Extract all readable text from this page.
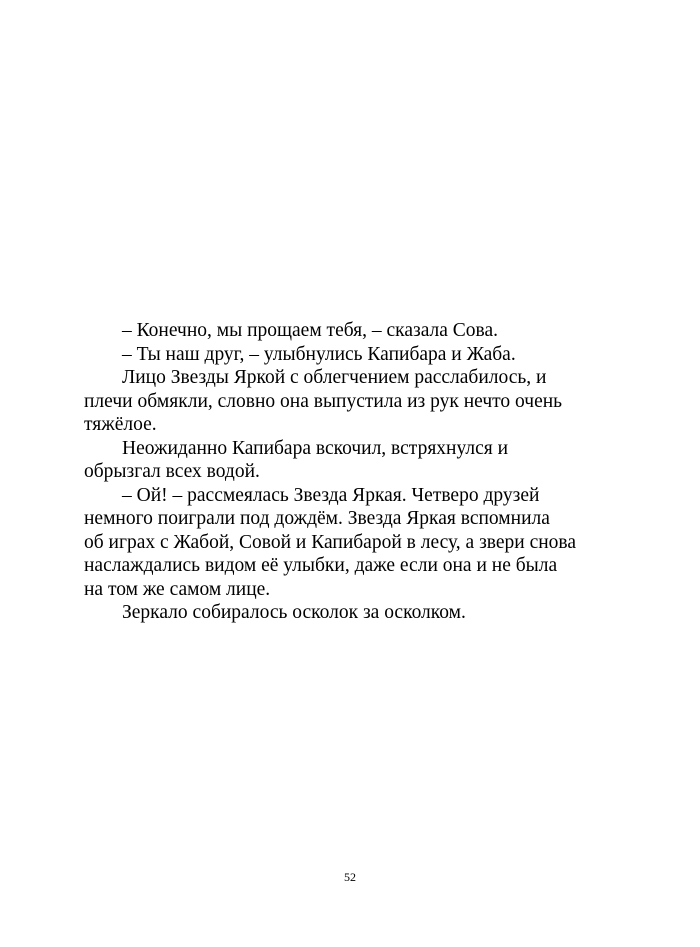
– Конечно, мы прощаем тебя, – сказала Сова.
– Ты наш друг, – улыбнулись Капибара и Жаба.
Лицо Звезды Яркой с облегчением расслабилось, и
плечи обмякли, словно она выпустила из рук нечто очень
тяжёлое.
Неожиданно Капибара вскочил, встряхнулся и
обрызгал всех водой.
– Ой! – рассмеялась Звезда Яркая. Четверо друзей
немного поиграли под дождём. Звезда Яркая вспомнила
об играх с Жабой, Совой и Капибарой в лесу, а звери снова
наслаждались видом её улыбки, даже если она и не была
на том же самом лице.
Зеркало собиралось осколок за осколком.
52
